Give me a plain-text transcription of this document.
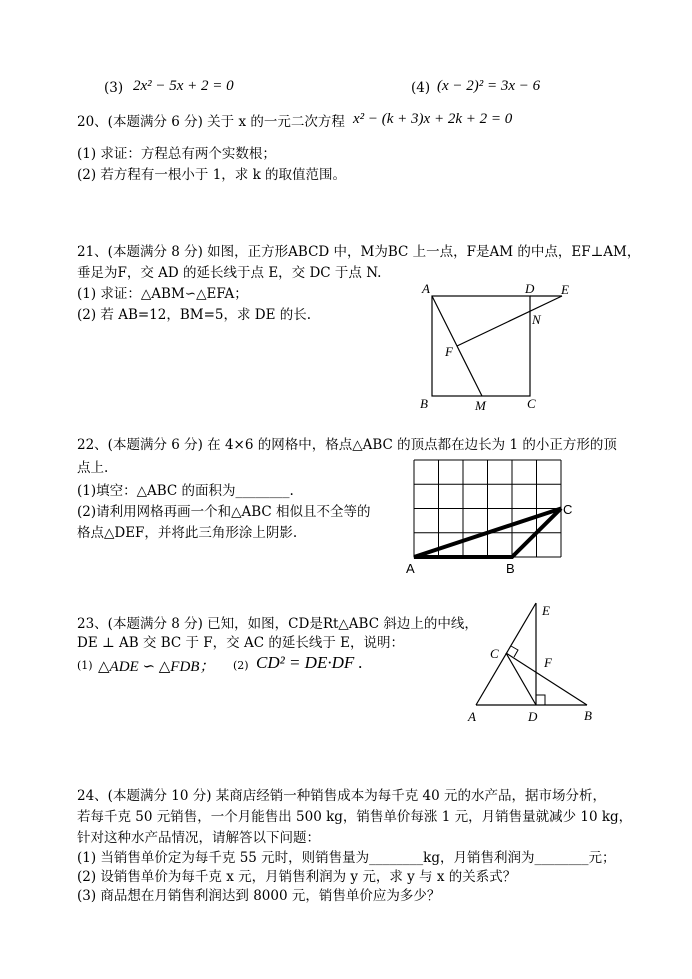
(3) 2x² − 5x + 2 = 0	(4) (x − 2)² = 3x − 6
20、(本题满分 6 分) 关于 x 的一元二次方程 x² − (k + 3)x + 2k + 2 = 0
(1) 求证：方程总有两个实数根；
(2) 若方程有一根小于 1，求 k 的取值范围。
21、(本题满分 8 分) 如图，正方形ABCD 中，M为BC 上一点，F是AM 的中点，EF⊥AM，
垂足为F，交 AD 的延长线于点 E，交 DC 于点 N.
(1) 求证：△ABM∽△EFA；
(2) 若 AB=12，BM=5，求 DE 的长.
A	D E
N
F
B	M	C
22、(本题满分 6 分) 在 4×6 的网格中，格点△ABC 的顶点都在边长为 1 的小正方形的顶
点上.
(1)填空：△ABC 的面积为________.
(2)请利用网格再画一个和△ABC 相似且不全等的
格点△DEF，并将此三角形涂上阴影.
A	B
C
23、(本题满分 8 分) 已知，如图，CD是Rt△ABC 斜边上的中线，
DE ⊥ AB 交 BC 于 F，交 AC 的延长线于 E，说明：
(1) △ADE ∽ △FDB； (2) CD² = DE·DF .
E
C
F
A	D	B
24、(本题满分 10 分) 某商店经销一种销售成本为每千克 40 元的水产品，据市场分析，
若每千克 50 元销售，一个月能售出 500 kg，销售单价每涨 1 元，月销售量就减少 10 kg，
针对这种水产品情况，请解答以下问题：
(1) 当销售单价定为每千克 55 元时，则销售量为________kg，月销售利润为________元；
(2) 设销售单价为每千克 x 元，月销售利润为 y 元，求 y 与 x 的关系式？
(3) 商品想在月销售利润达到 8000 元，销售单价应为多少？
